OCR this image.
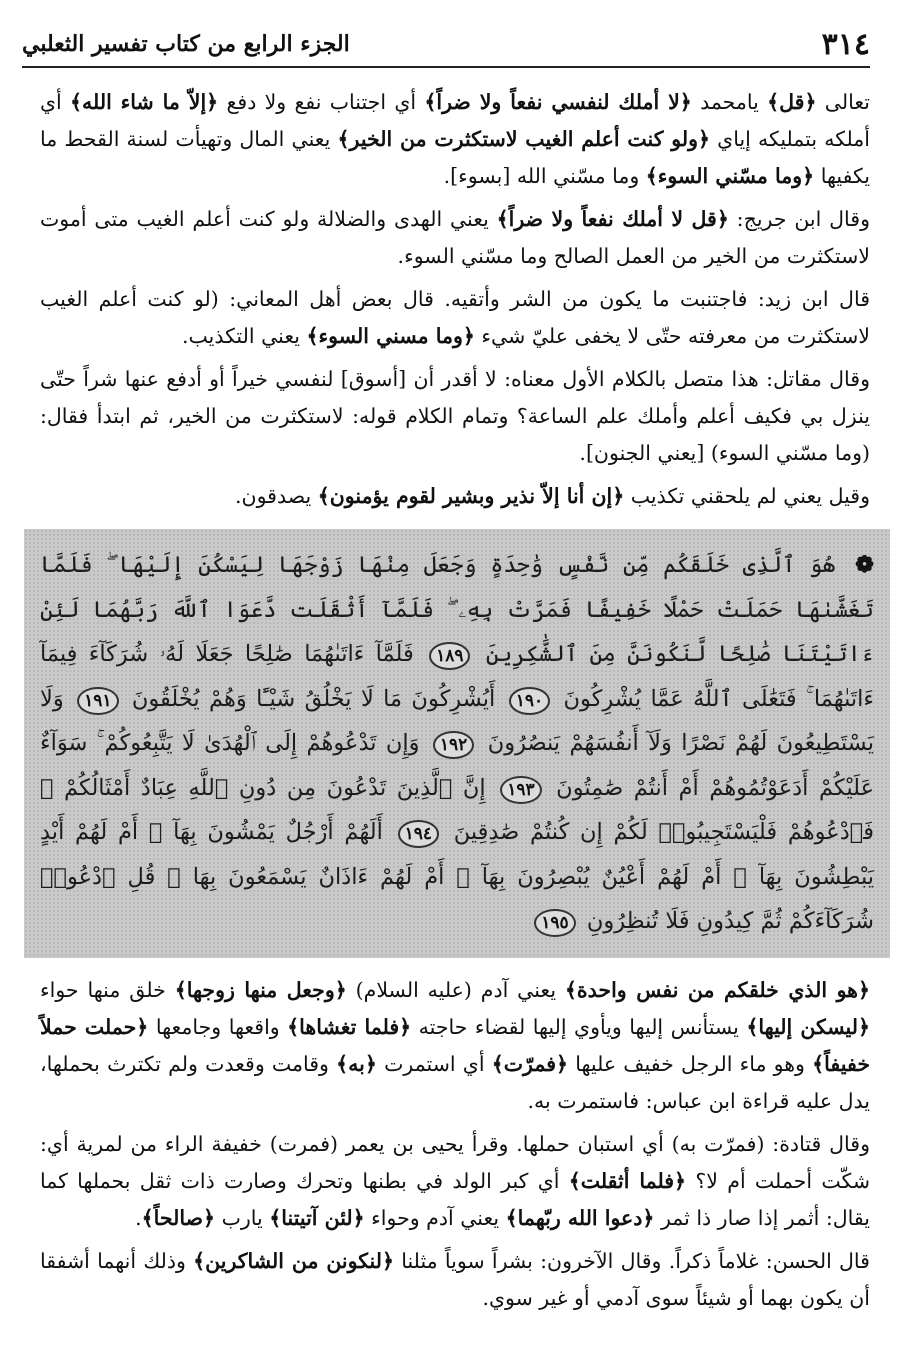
٣١٤
الجزء الرابع من كتاب تفسير الثعلبي

تعالى ﴿قل﴾ يامحمد ﴿لا أملك لنفسي نفعاً ولا ضراً﴾ أي اجتناب نفع ولا دفع ﴿إلاّ ما شاء الله﴾ أي أملكه بتمليكه إياي ﴿ولو كنت أعلم الغيب لاستكثرت من الخير﴾ يعني المال وتهيأت لسنة القحط ما يكفيها ﴿وما مسّني السوء﴾ وما مسّني الله [بسوء].

وقال ابن جريج: ﴿قل لا أملك نفعاً ولا ضراً﴾ يعني الهدى والضلالة ولو كنت أعلم الغيب متى أموت لاستكثرت من الخير من العمل الصالح وما مسّني السوء.

قال ابن زيد: فاجتنبت ما يكون من الشر وأتقيه. قال بعض أهل المعاني: (لو كنت أعلم الغيب لاستكثرت من معرفته حتّى لا يخفى عليّ شيء ﴿وما مسني السوء﴾ يعني التكذيب.

وقال مقاتل: هذا متصل بالكلام الأول معناه: لا أقدر أن [أسوق] لنفسي خيراً أو أدفع عنها شراً حتّى ينزل بي فكيف أعلم وأملك علم الساعة؟ وتمام الكلام قوله: لاستكثرت من الخير، ثم ابتدأ فقال: (وما مسّني السوء) [يعني الجنون].

وقيل يعني لم يلحقني تكذيب ﴿إن أنا إلاّ نذير وبشير لقوم يؤمنون﴾ يصدقون.

❁ هُوَ ٱلَّذِى خَلَقَكُم مِّن نَّفْسٍ وَٰحِدَةٍ وَجَعَلَ مِنْهَا زَوْجَهَا لِيَسْكُنَ إِلَيْهَا ۖ فَلَمَّا تَغَشَّىٰهَا حَمَلَتْ حَمْلًا خَفِيفًا فَمَرَّتْ بِهِۦ ۖ فَلَمَّآ أَثْقَلَت دَّعَوَا ٱللَّهَ رَبَّهُمَا لَئِنْ ءَاتَيْتَنَا صَٰلِحًا لَّنَكُونَنَّ مِنَ ٱلشَّٰكِرِينَ ١٨٩ فَلَمَّآ ءَاتَىٰهُمَا صَٰلِحًا جَعَلَا لَهُۥ شُرَكَآءَ فِيمَآ ءَاتَىٰهُمَا ۚ فَتَعَٰلَى ٱللَّهُ عَمَّا يُشْرِكُونَ ١٩٠ أَيُشْرِكُونَ مَا لَا يَخْلُقُ شَيْـًٔا وَهُمْ يُخْلَقُونَ ١٩١ وَلَا يَسْتَطِيعُونَ لَهُمْ نَصْرًا وَلَآ أَنفُسَهُمْ يَنصُرُونَ ١٩٢ وَإِن تَدْعُوهُمْ إِلَى ٱلْهُدَىٰ لَا يَتَّبِعُوكُمْ ۚ سَوَآءٌ عَلَيْكُمْ أَدَعَوْتُمُوهُمْ أَمْ أَنتُمْ صَٰمِتُونَ ١٩٣ إِنَّ ٱلَّذِينَ تَدْعُونَ مِن دُونِ ٱللَّهِ عِبَادٌ أَمْثَالُكُمْ ۖ فَٱدْعُوهُمْ فَلْيَسْتَجِيبُوا۟ لَكُمْ إِن كُنتُمْ صَٰدِقِينَ ١٩٤ أَلَهُمْ أَرْجُلٌ يَمْشُونَ بِهَآ ۖ أَمْ لَهُمْ أَيْدٍ يَبْطِشُونَ بِهَآ ۖ أَمْ لَهُمْ أَعْيُنٌ يُبْصِرُونَ بِهَآ ۖ أَمْ لَهُمْ ءَاذَانٌ يَسْمَعُونَ بِهَا ۗ قُلِ ٱدْعُوا۟ شُرَكَآءَكُمْ ثُمَّ كِيدُونِ فَلَا تُنظِرُونِ ١٩٥

﴿هو الذي خلقكم من نفس واحدة﴾ يعني آدم (عليه السلام) ﴿وجعل منها زوجها﴾ خلق منها حواء ﴿ليسكن إليها﴾ يستأنس إليها ويأوي إليها لقضاء حاجته ﴿فلما تغشاها﴾ واقعها وجامعها ﴿حملت حملاً خفيفاً﴾ وهو ماء الرجل خفيف عليها ﴿فمرّت﴾ أي استمرت ﴿به﴾ وقامت وقعدت ولم تكترث بحملها، يدل عليه قراءة ابن عباس: فاستمرت به.

وقال قتادة: (فمرّت به) أي استبان حملها. وقرأ يحيى بن يعمر (فمرت) خفيفة الراء من لمرية أي: شكّت أحملت أم لا؟ ﴿فلما أثقلت﴾ أي كبر الولد في بطنها وتحرك وصارت ذات ثقل بحملها كما يقال: أثمر إذا صار ذا ثمر ﴿دعوا الله ربّهما﴾ يعني آدم وحواء ﴿لئن آتيتنا﴾ يارب ﴿صالحاً﴾.

قال الحسن: غلاماً ذكراً. وقال الآخرون: بشراً سوياً مثلنا ﴿لنكونن من الشاكرين﴾ وذلك أنهما أشفقا أن يكون بهما أو شيئاً سوى آدمي أو غير سوي.
